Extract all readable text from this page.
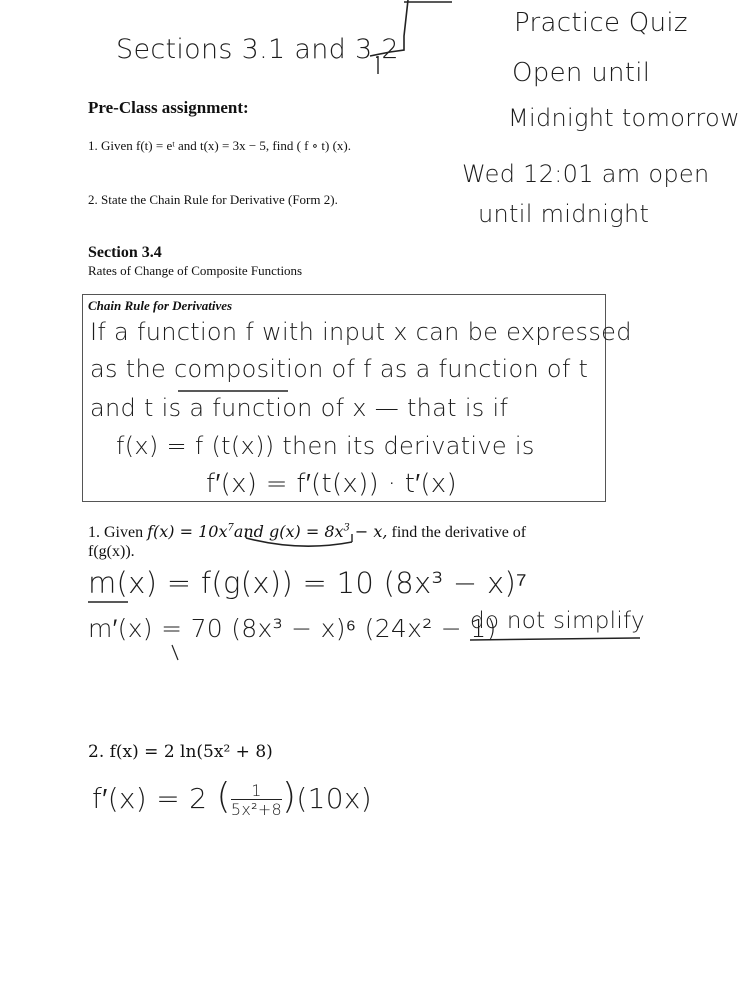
Sections 3.1 and 3.2
Practice Quiz
Open until
Midnight tomorrow
Wed 12:01 am open
until midnight
Pre-Class assignment:
1. Given f(t) = eᵗ and t(x) = 3x − 5, find ( f ∘ t) (x).
2. State the Chain Rule for Derivative (Form 2).
Section 3.4
Rates of Change of Composite Functions
Chain Rule for Derivatives
If a function f with input x can be expressed
as the composition of f as a function of t
and t is a function of x — that is if
f(x) = f (t(x)) then its derivative is
f′(x) = f′(t(x)) · t′(x)
1. Given $f(x) = 10x^7and$ $g(x) = 8x^3 - x$, find the derivative of
f(g(x)).
m(x) = f(g(x)) = 10 (8x³ − x)⁷
m′(x) = 70 (8x³ − x)⁶ (24x² − 1)
do not simplify
2. f(x) = 2 ln(5x² + 8)
f′(x) = 2 ( $\frac{1}{\text{5x²+8}} )(10x)$
